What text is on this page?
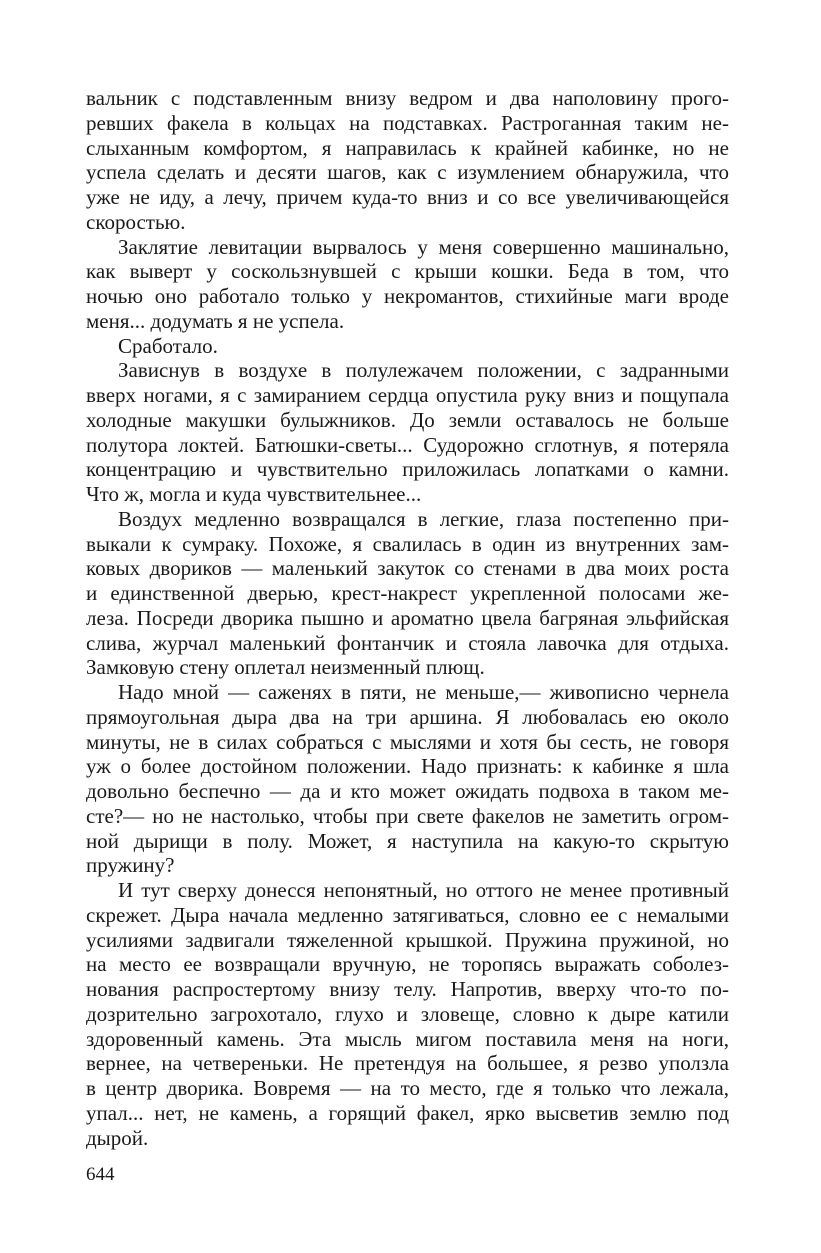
вальник с подставленным внизу ведром и два наполовину прого-
ревших факела в кольцах на подставках. Растроганная таким не-
слыханным комфортом, я направилась к крайней кабинке, но не
успела сделать и десяти шагов, как с изумлением обнаружила, что
уже не иду, а лечу, причем куда-то вниз и со все увеличивающейся
скоростью.
Заклятие левитации вырвалось у меня совершенно машинально,
как выверт у соскользнувшей с крыши кошки. Беда в том, что
ночью оно работало только у некромантов, стихийные маги вроде
меня... додумать я не успела.
Сработало.
Зависнув в воздухе в полулежачем положении, с задранными
вверх ногами, я с замиранием сердца опустила руку вниз и пощупала
холодные макушки булыжников. До земли оставалось не больше
полутора локтей. Батюшки-светы... Судорожно сглотнув, я потеряла
концентрацию и чувствительно приложилась лопатками о камни.
Что ж, могла и куда чувствительнее...
Воздух медленно возвращался в легкие, глаза постепенно при-
выкали к сумраку. Похоже, я свалилась в один из внутренних зам-
ковых двориков — маленький закуток со стенами в два моих роста
и единственной дверью, крест-накрест укрепленной полосами же-
леза. Посреди дворика пышно и ароматно цвела багряная эльфийская
слива, журчал маленький фонтанчик и стояла лавочка для отдыха.
Замковую стену оплетал неизменный плющ.
Надо мной — саженях в пяти, не меньше,— живописно чернела
прямоугольная дыра два на три аршина. Я любовалась ею около
минуты, не в силах собраться с мыслями и хотя бы сесть, не говоря
уж о более достойном положении. Надо признать: к кабинке я шла
довольно беспечно — да и кто может ожидать подвоха в таком ме-
сте?— но не настолько, чтобы при свете факелов не заметить огром-
ной дырищи в полу. Может, я наступила на какую-то скрытую
пружину?
И тут сверху донесся непонятный, но оттого не менее противный
скрежет. Дыра начала медленно затягиваться, словно ее с немалыми
усилиями задвигали тяжеленной крышкой. Пружина пружиной, но
на место ее возвращали вручную, не торопясь выражать соболез-
нования распростертому внизу телу. Напротив, вверху что-то по-
дозрительно загрохотало, глухо и зловеще, словно к дыре катили
здоровенный камень. Эта мысль мигом поставила меня на ноги,
вернее, на четвереньки. Не претендуя на большее, я резво уползла
в центр дворика. Вовремя — на то место, где я только что лежала,
упал... нет, не камень, а горящий факел, ярко высветив землю под
дырой.
644
